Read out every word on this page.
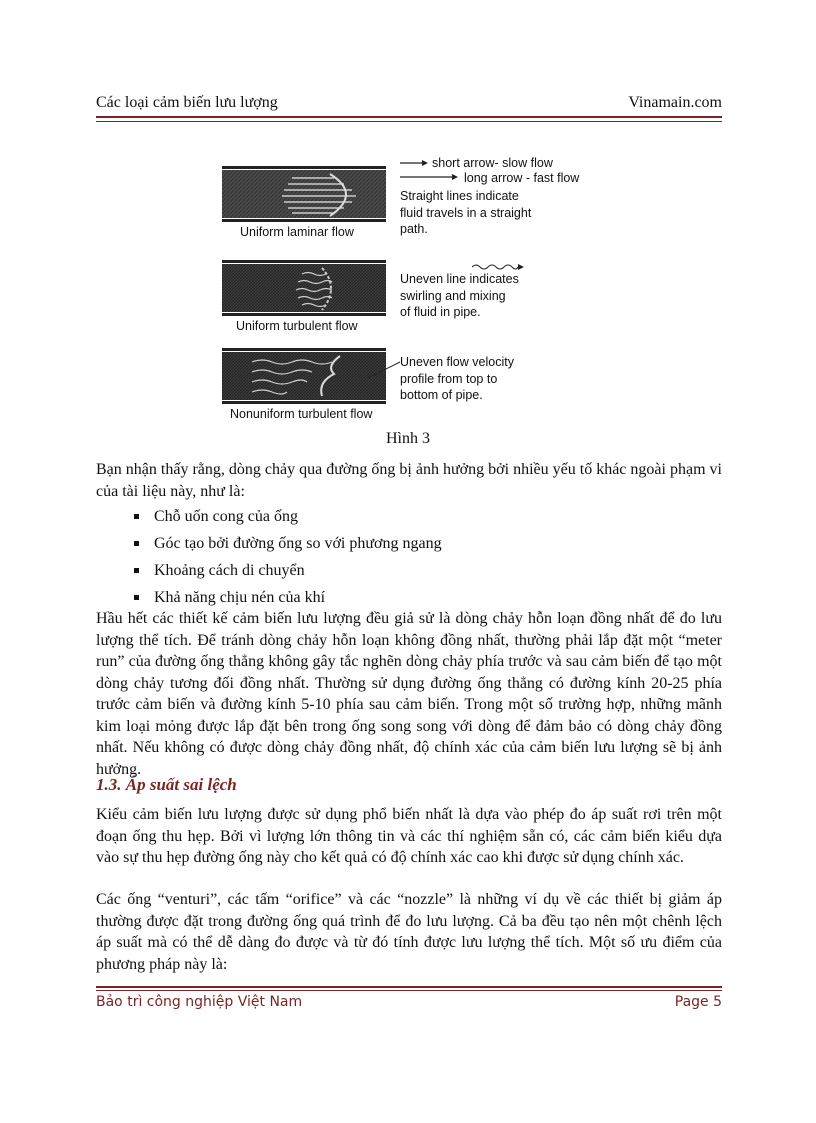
Các loại cảm biến lưu lượng	Vinamain.com
Uniform laminar flow
Uniform turbulent flow
Nonuniform turbulent flow
short arrow- slow flow
long arrow - fast flow
Straight lines indicate
fluid travels in a straight
path.
Uneven line indicates
swirling and mixing
of fluid in pipe.
Uneven flow velocity
profile from top to
bottom of pipe.
Hình 3

Bạn nhận thấy rằng, dòng chảy qua đường ống bị ảnh hưởng bởi nhiều yếu tố khác ngoài phạm vi của tài liệu này, như là:

Chỗ uốn cong của ống
Góc tạo bởi đường ống so với phương ngang
Khoảng cách di chuyển
Khả năng chịu nén của khí

Hầu hết các thiết kế cảm biến lưu lượng đều giả sử là dòng chảy hỗn loạn đồng nhất để đo lưu lượng thể tích. Để tránh dòng chảy hỗn loạn không đồng nhất, thường phải lắp đặt một “meter run” của đường ống thẳng không gây tắc nghẽn dòng chảy phía trước và sau cảm biến để tạo một dòng chảy tương đối đồng nhất. Thường sử dụng đường ống thẳng có đường kính 20-25 phía trước cảm biến và đường kính 5-10 phía sau cảm biến. Trong một số trường hợp, những mãnh kim loại mỏng được lắp đặt bên trong ống song song với dòng để đảm bảo có dòng chảy đồng nhất. Nếu không có được dòng chảy đồng nhất, độ chính xác của cảm biến lưu lượng sẽ bị ảnh hưởng.

1.3. Áp suất sai lệch

Kiểu cảm biến lưu lượng được sử dụng phổ biến nhất là dựa vào phép đo áp suất rơi trên một đoạn ống thu hẹp. Bởi vì lượng lớn thông tin và các thí nghiệm sẵn có, các cảm biến kiểu dựa vào sự thu hẹp đường ống này cho kết quả có độ chính xác cao khi được sử dụng chính xác.

Các ống “venturi”, các tấm “orifice” và các “nozzle” là những ví dụ về các thiết bị giảm áp thường được đặt trong đường ống quá trình để đo lưu lượng. Cả ba đều tạo nên một chênh lệch áp suất mà có thể dễ dàng đo được và từ đó tính được lưu lượng thể tích. Một số ưu điểm của phương pháp này là:

Bảo trì công nghiệp Việt Nam	Page 5
